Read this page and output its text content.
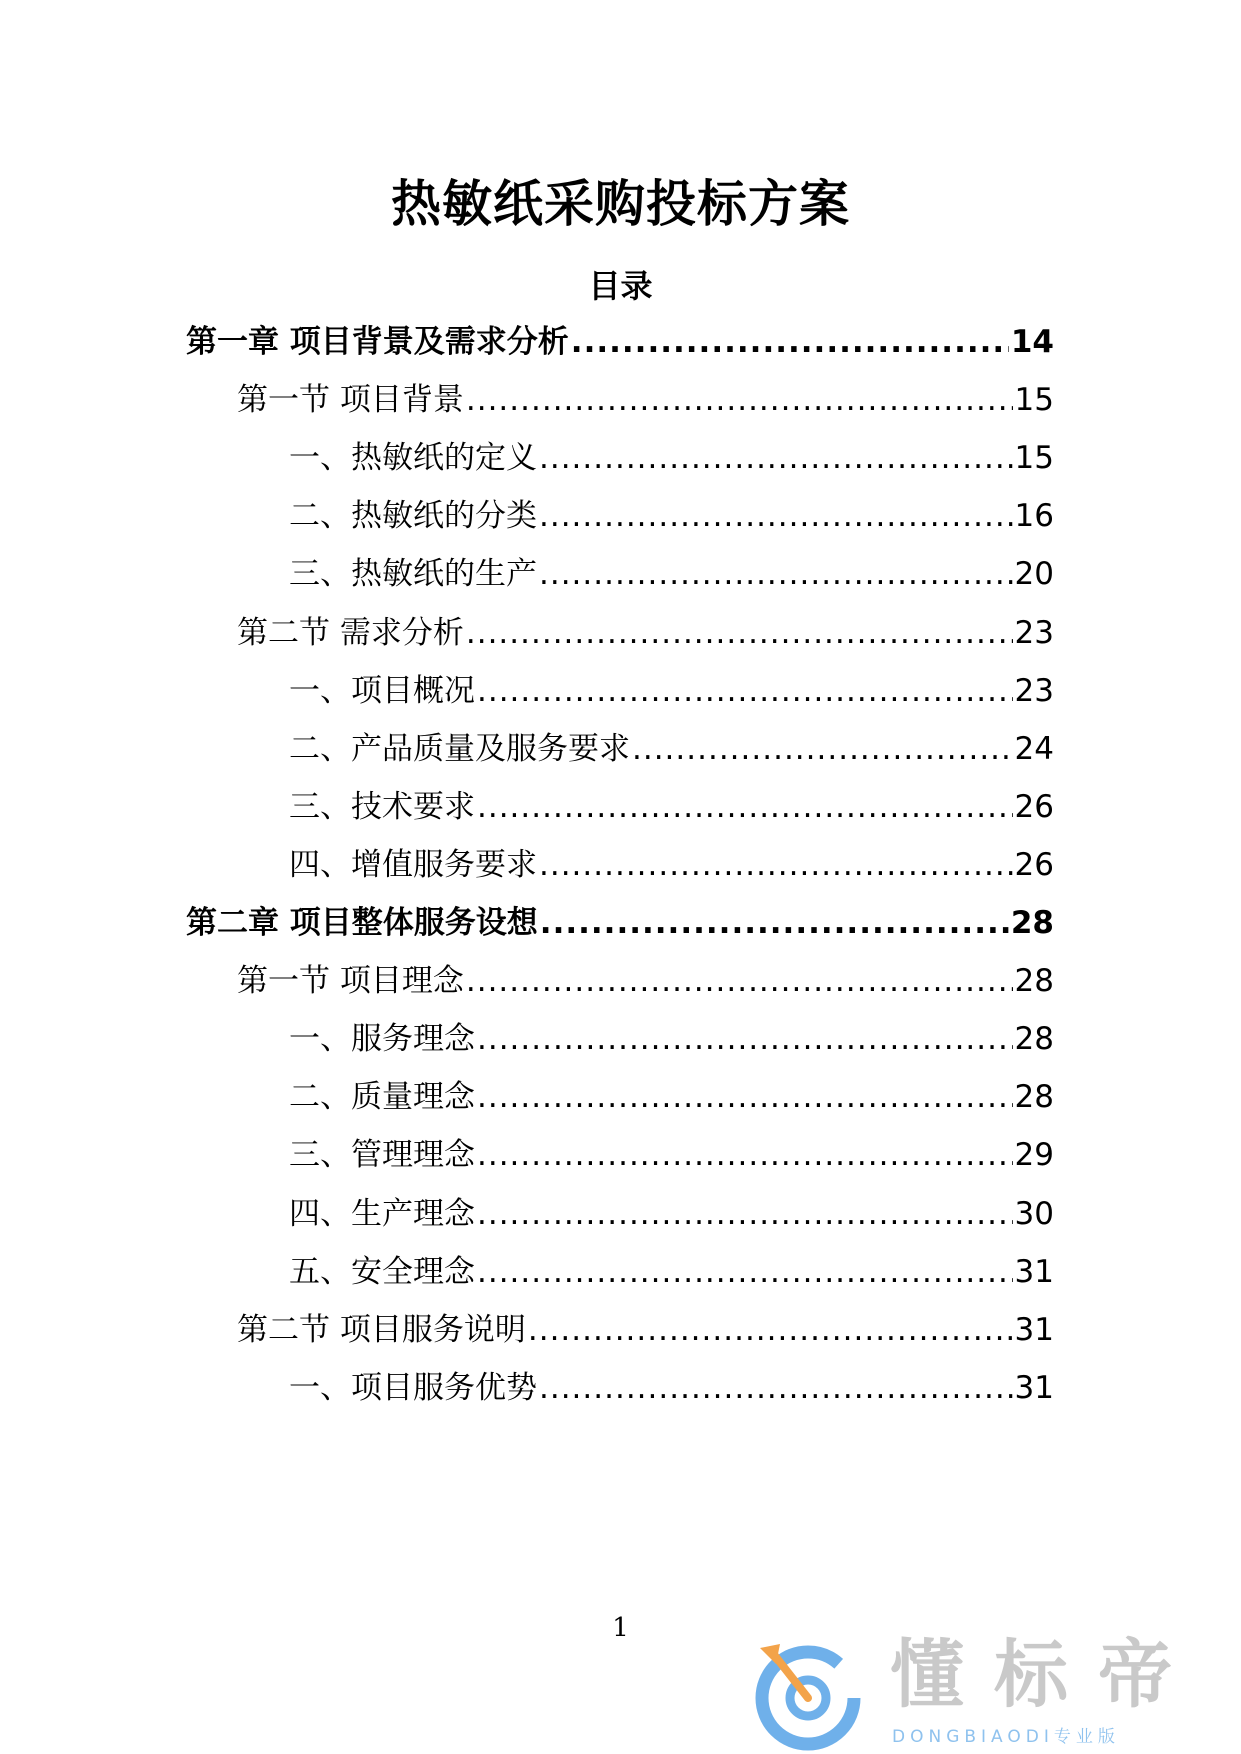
热敏纸采购投标方案
目录
第一章 项目背景及需求分析 .....	14
第一节 项目背景 .....	15
一、热敏纸的定义 .....	15
二、热敏纸的分类 .....	16
三、热敏纸的生产 .....	20
第二节 需求分析 .....	23
一、项目概况 .....	23
二、产品质量及服务要求 .....	24
三、技术要求 .....	26
四、增值服务要求 .....	26
第二章 项目整体服务设想 .....	28
第一节 项目理念 .....	28
一、服务理念 .....	28
二、质量理念 .....	28
三、管理理念 .....	29
四、生产理念 .....	30
五、安全理念 .....	31
第二节 项目服务说明 .....	31
一、项目服务优势 .....	31
1
懂标帝
DONGBIAODI专业版
